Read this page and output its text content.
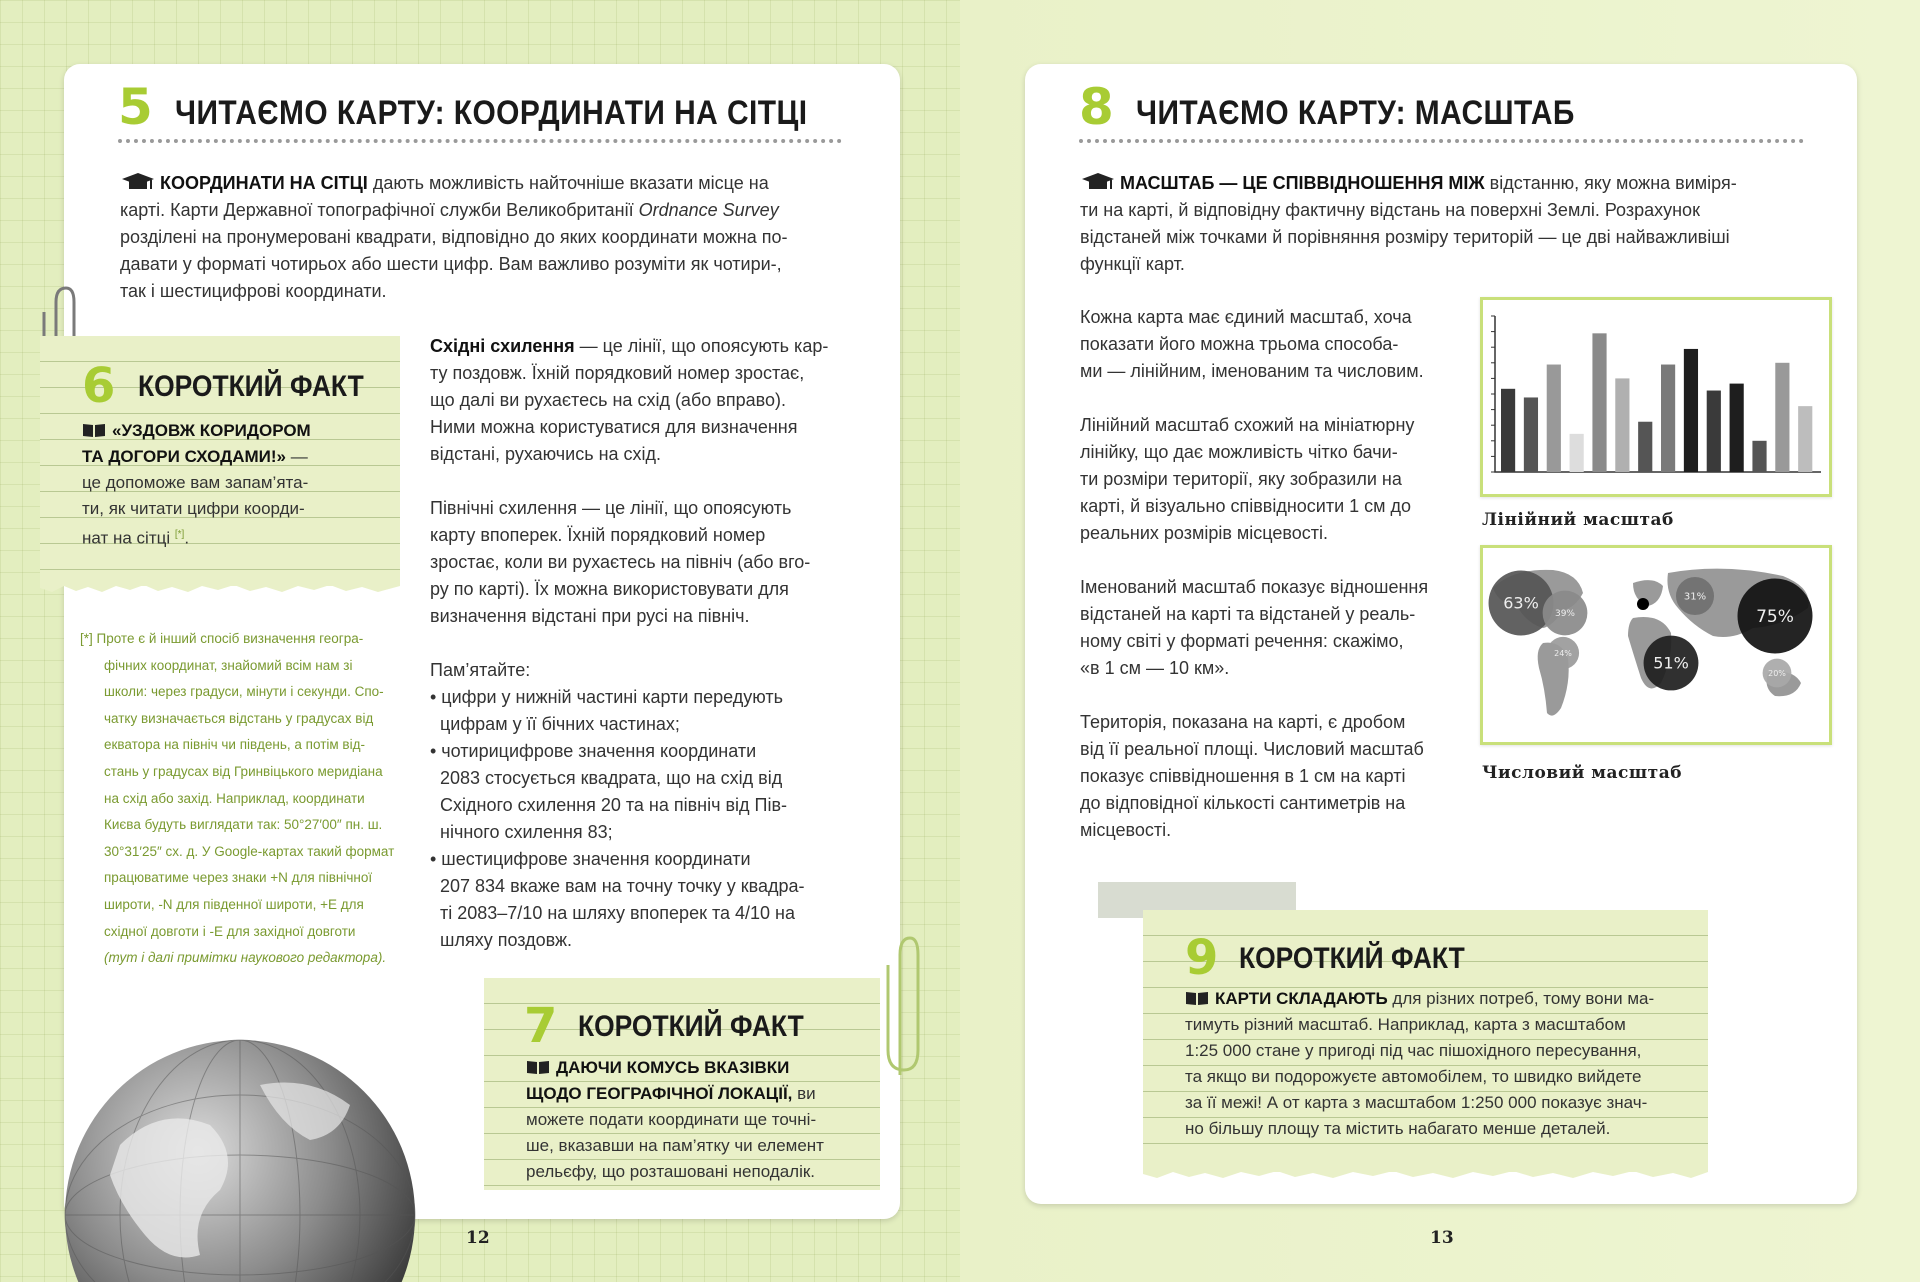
5 ЧИТАЄМО КАРТУ: КООРДИНАТИ НА СІТЦІ
КООРДИНАТИ НА СІТЦІ дають можливість найточніше вказати місце на
карті. Карти Державної топографічної служби Великобританії Ordnance Survey
розділені на пронумеровані квадрати, відповідно до яких координати можна по-
давати у форматі чотирьох або шести цифр. Вам важливо розуміти як чотири-,
так і шестицифрові координати.
6 КОРОТКИЙ ФАКТ
«УЗДОВЖ КОРИДОРОМ
ТА ДОГОРИ СХОДАМИ!» —
це допоможе вам запам’ята-
ти, як читати цифри коорди-
нат на сітці [*].
[*] Проте є й інший спосіб визначення геогра-
фічних координат, знайомий всім нам зі
школи: через градуси, мінути і секунди. Спо-
чатку визначається відстань у градусах від
екватора на північ чи південь, а потім від-
стань у градусах від Гринвіцького меридіана
на схід або захід. Наприклад, координати
Києва будуть виглядати так: 50°27′00″ пн. ш.
30°31′25″ сх. д. У Google-картах такий формат
працюватиме через знаки +N для північної
широти, -N для південної широти, +E для
східної довготи і -E для західної довготи
(тут і далі примітки наукового редактора).
Східні схилення — це лінії, що опоясують кар-
ту поздовж. Їхній порядковий номер зростає,
що далі ви рухаєтесь на схід (або вправо).
Ними можна користуватися для визначення
відстані, рухаючись на схід.
Північні схилення — це лінії, що опоясують
карту впоперек. Їхній порядковий номер
зростає, коли ви рухаєтесь на північ (або вго-
ру по карті). Їх можна використовувати для
визначення відстані при русі на північ.
Пам’ятайте:
• цифри у нижній частині карти передують
цифрам у її бічних частинах;
• чотирицифрове значення координати
2083 стосується квадрата, що на схід від
Східного схилення 20 та на північ від Пів-
нічного схилення 83;
• шестицифрове значення координати
207 834 вкаже вам на точну точку у квадра-
ті 2083–7/10 на шляху впоперек та 4/10 на
шляху поздовж.
7 КОРОТКИЙ ФАКТ
ДАЮЧИ КОМУСЬ ВКАЗІВКИ
ЩОДО ГЕОГРАФІЧНОЇ ЛОКАЦІЇ, ви
можете подати координати ще точні-
ше, вказавши на пам’ятку чи елемент
рельєфу, що розташовані неподалік.
12
8 ЧИТАЄМО КАРТУ: МАСШТАБ
МАСШТАБ — ЦЕ СПІВВІДНОШЕННЯ МІЖ відстанню, яку можна виміря-
ти на карті, й відповідну фактичну відстань на поверхні Землі. Розрахунок
відстаней між точками й порівняння розміру територій — це дві найважливіші
функції карт.
Кожна карта має єдиний масштаб, хоча
показати його можна трьома способа-
ми — лінійним, іменованим та числовим.
Лінійний масштаб схожий на мініатюрну
лінійку, що дає можливість чітко бачи-
ти розміри території, яку зобразили на
карті, й візуально співвідносити 1 см до
реальних розмірів місцевості.
Іменований масштаб показує відношення
відстаней на карті та відстаней у реаль-
ному світі у форматі речення: скажімо,
«в 1 см — 10 км».
Територія, показана на карті, є дробом
від її реальної площі. Числовий масштаб
показує співвідношення в 1 см на карті
до відповідної кількості сантиметрів на
місцевості.
Лінійний масштаб
63%
39%
31%
75%
24%
51%
20%
Числовий масштаб
9 КОРОТКИЙ ФАКТ
КАРТИ СКЛАДАЮТЬ для різних потреб, тому вони ма-
тимуть різний масштаб. Наприклад, карта з масштабом
1:25 000 стане у пригоді під час пішохідного пересування,
та якщо ви подорожуєте автомобілем, то швидко вийдете
за її межі! А от карта з масштабом 1:250 000 показує знач-
но більшу площу та містить набагато менше деталей.
13
